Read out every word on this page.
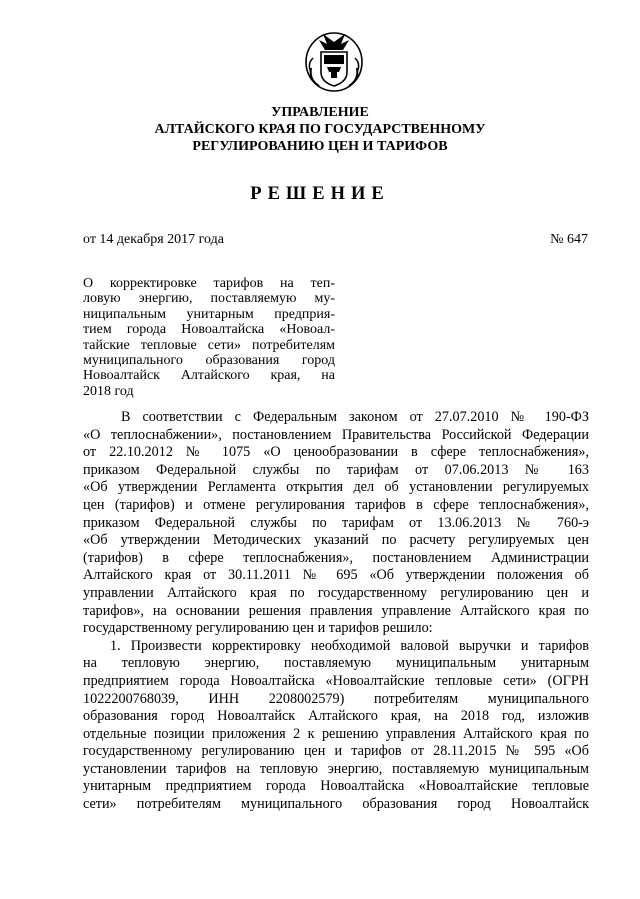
УПРАВЛЕНИЕ
АЛТАЙСКОГО КРАЯ ПО ГОСУДАРСТВЕННОМУ
РЕГУЛИРОВАНИЮ ЦЕН И ТАРИФОВ
РЕШЕНИЕ
от 14 декабря 2017 года	№ 647
О корректировке тарифов на теп-
ловую энергию, поставляемую му-
ниципальным унитарным предприя-
тием города Новоалтайска «Новоал-
тайские тепловые сети» потребителям
муниципального образования город
Новоалтайск Алтайского края, на
2018 год
В соответствии с Федеральным законом от 27.07.2010 № 190-ФЗ
«О теплоснабжении», постановлением Правительства Российской Федерации
от 22.10.2012 № 1075 «О ценообразовании в сфере теплоснабжения»,
приказом Федеральной службы по тарифам от 07.06.2013 № 163
«Об утверждении Регламента открытия дел об установлении регулируемых
цен (тарифов) и отмене регулирования тарифов в сфере теплоснабжения»,
приказом Федеральной службы по тарифам от 13.06.2013 № 760-э
«Об утверждении Методических указаний по расчету регулируемых цен
(тарифов) в сфере теплоснабжения», постановлением Администрации
Алтайского края от 30.11.2011 № 695 «Об утверждении положения об
управлении Алтайского края по государственному регулированию цен и
тарифов», на основании решения правления управление Алтайского края по
государственному регулированию цен и тарифов решило:
1. Произвести корректировку необходимой валовой выручки и тарифов
на тепловую энергию, поставляемую муниципальным унитарным
предприятием города Новоалтайска «Новоалтайские тепловые сети» (ОГРН
1022200768039, ИНН 2208002579) потребителям муниципального
образования город Новоалтайск Алтайского края, на 2018 год, изложив
отдельные позиции приложения 2 к решению управления Алтайского края по
государственному регулированию цен и тарифов от 28.11.2015 № 595 «Об
установлении тарифов на тепловую энергию, поставляемую муниципальным
унитарным предприятием города Новоалтайска «Новоалтайские тепловые
сети» потребителям муниципального образования город Новоалтайск
